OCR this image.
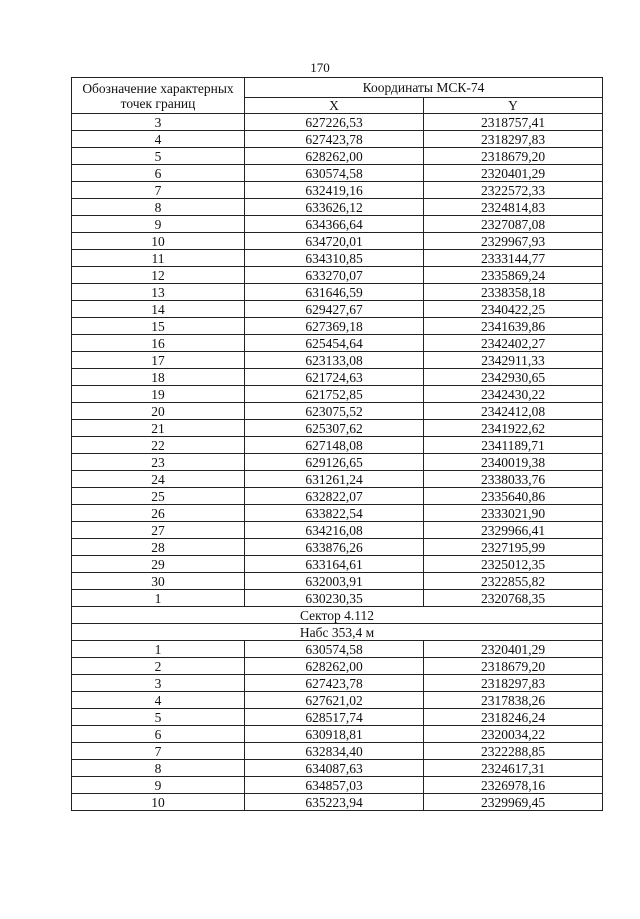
170
Обозначение характерных точек границ	Координаты МСК-74	
	X	Y
3	627226,53	2318757,41
4	627423,78	2318297,83
5	628262,00	2318679,20
6	630574,58	2320401,29
7	632419,16	2322572,33
8	633626,12	2324814,83
9	634366,64	2327087,08
10	634720,01	2329967,93
11	634310,85	2333144,77
12	633270,07	2335869,24
13	631646,59	2338358,18
14	629427,67	2340422,25
15	627369,18	2341639,86
16	625454,64	2342402,27
17	623133,08	2342911,33
18	621724,63	2342930,65
19	621752,85	2342430,22
20	623075,52	2342412,08
21	625307,62	2341922,62
22	627148,08	2341189,71
23	629126,65	2340019,38
24	631261,24	2338033,76
25	632822,07	2335640,86
26	633822,54	2333021,90
27	634216,08	2329966,41
28	633876,26	2327195,99
29	633164,61	2325012,35
30	632003,91	2322855,82
1	630230,35	2320768,35
Сектор 4.112		
Набс 353,4 м		
1	630574,58	2320401,29
2	628262,00	2318679,20
3	627423,78	2318297,83
4	627621,02	2317838,26
5	628517,74	2318246,24
6	630918,81	2320034,22
7	632834,40	2322288,85
8	634087,63	2324617,31
9	634857,03	2326978,16
10	635223,94	2329969,45
